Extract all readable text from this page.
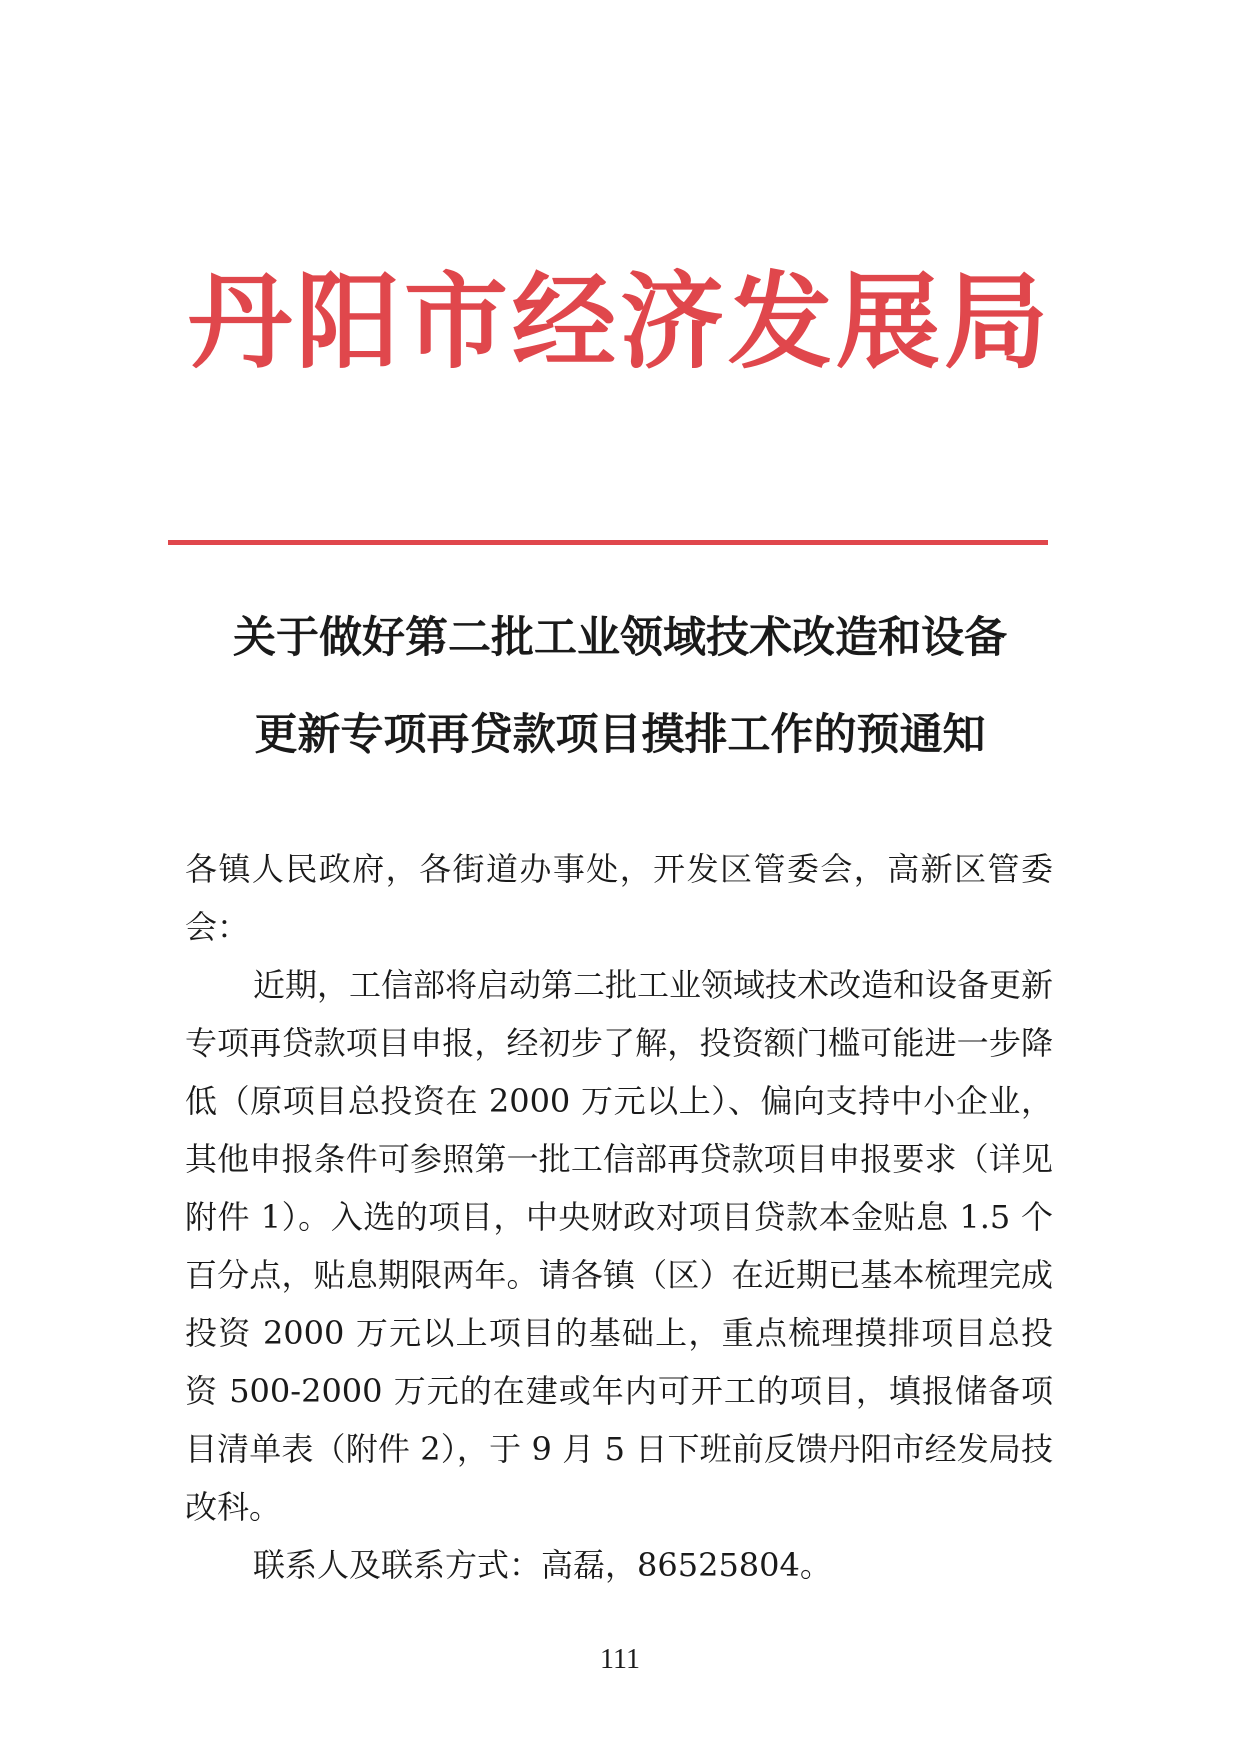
丹阳市经济发展局
关于做好第二批工业领域技术改造和设备
更新专项再贷款项目摸排工作的预通知

各镇人民政府，各街道办事处，开发区管委会，高新区管委会：

近期，工信部将启动第二批工业领域技术改造和设备更新专项再贷款项目申报，经初步了解，投资额门槛可能进一步降低（原项目总投资在 2000 万元以上）、偏向支持中小企业，其他申报条件可参照第一批工信部再贷款项目申报要求（详见附件 1）。入选的项目，中央财政对项目贷款本金贴息 1.5 个百分点，贴息期限两年。请各镇（区）在近期已基本梳理完成投资 2000 万元以上项目的基础上，重点梳理摸排项目总投资 500-2000 万元的在建或年内可开工的项目，填报储备项目清单表（附件 2），于 9 月 5 日下班前反馈丹阳市经发局技改科。

联系人及联系方式：高磊，86525804。

111
